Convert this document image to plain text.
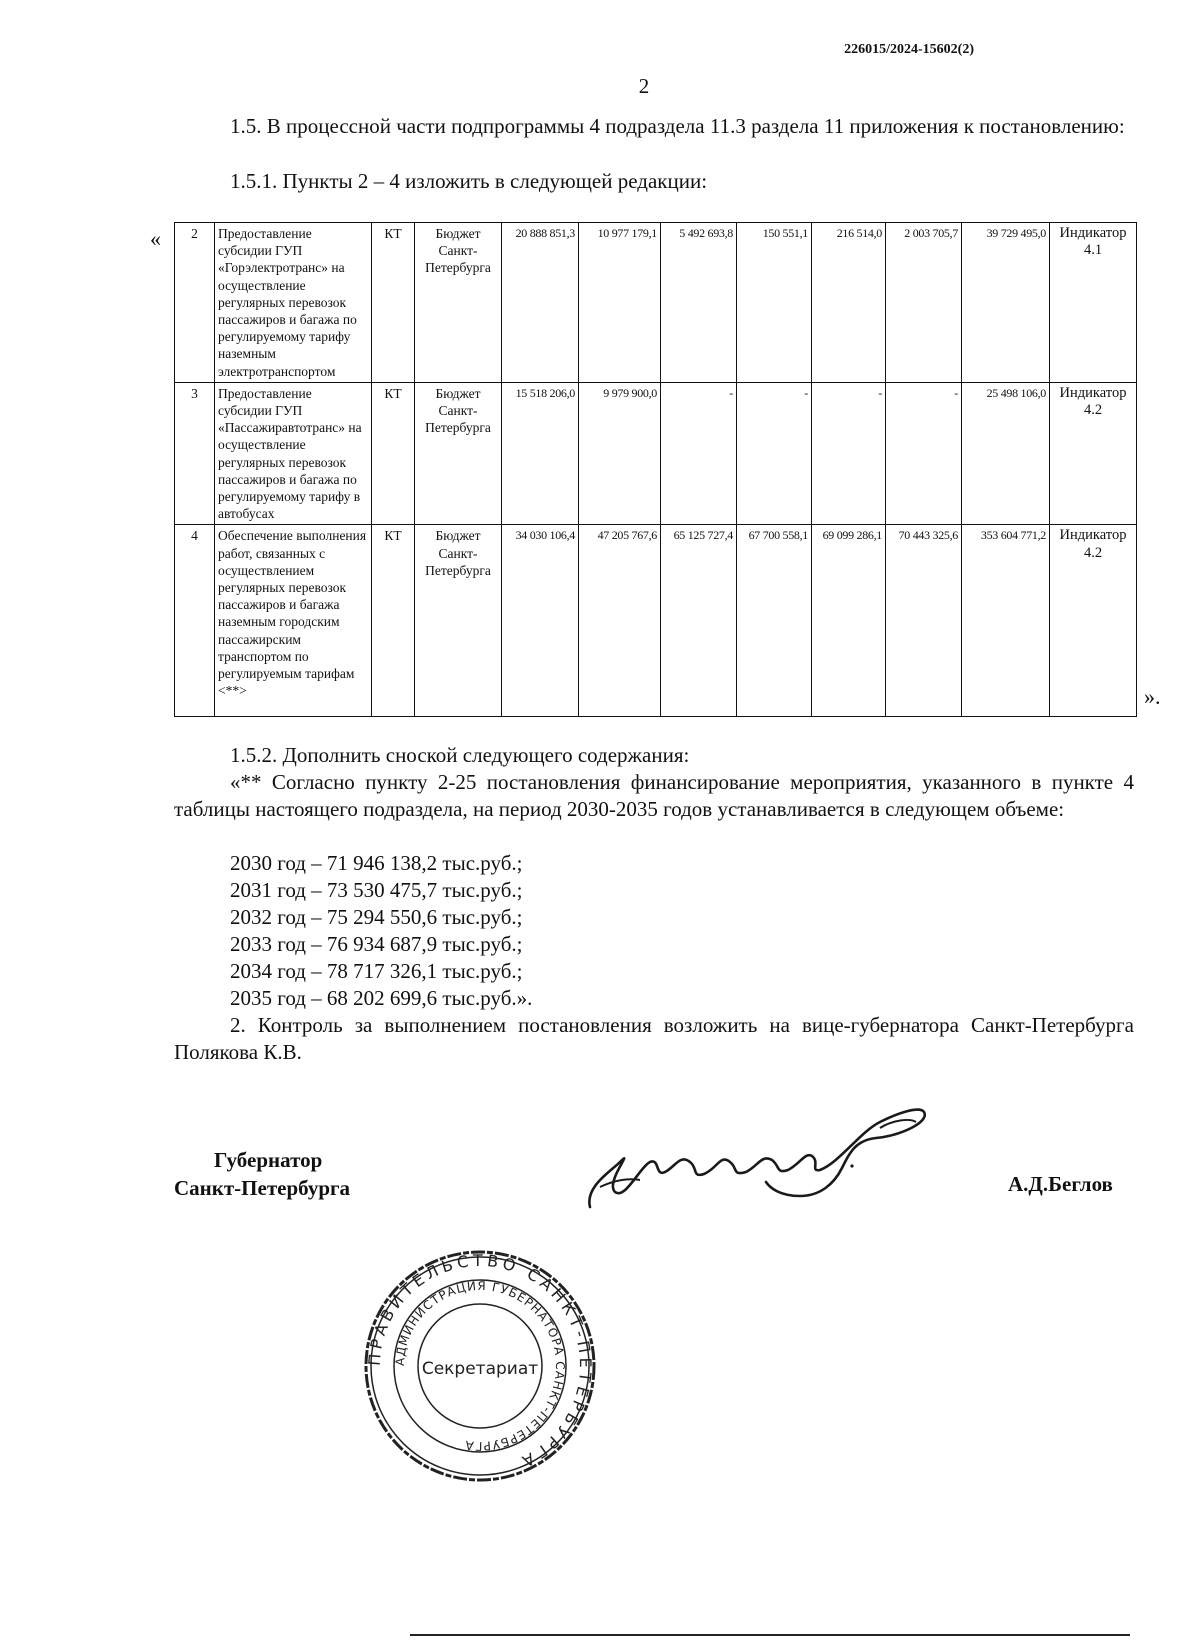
226015/2024-15602(2)
2
1.5. В процессной части подпрограммы 4 подраздела 11.3 раздела 11 приложения к постановлению:
1.5.1. Пункты 2 – 4 изложить в следующей редакции:
« 2	Предоставление субсидии ГУП «Горэлектротранс» на осуществление регулярных перевозок пассажиров и багажа по регулируемому тарифу наземным электротранспортом	КТ	Бюджет Санкт-Петербурга	20 888 851,3	10 977 179,1	5 492 693,8	150 551,1	216 514,0	2 003 705,7	39 729 495,0	Индикатор 4.1
3	Предоставление субсидии ГУП «Пассажиравтотранс» на осуществление регулярных перевозок пассажиров и багажа по регулируемому тарифу в автобусах	КТ	Бюджет Санкт-Петербурга	15 518 206,0	9 979 900,0	-	-	-	-	25 498 106,0	Индикатор 4.2
4	Обеспечение выполнения работ, связанных с осуществлением регулярных перевозок пассажиров и багажа наземным городским пассажирским транспортом по регулируемым тарифам <**>	КТ	Бюджет Санкт-Петербурга	34 030 106,4	47 205 767,6	65 125 727,4	67 700 558,1	69 099 286,1	70 443 325,6	353 604 771,2	Индикатор 4.2
».
1.5.2. Дополнить сноской следующего содержания:
«** Согласно пункту 2-25 постановления финансирование мероприятия, указанного в пункте 4 таблицы настоящего подраздела, на период 2030-2035 годов устанавливается в следующем объеме:
2030 год – 71 946 138,2 тыс.руб.;
2031 год – 73 530 475,7 тыс.руб.;
2032 год – 75 294 550,6 тыс.руб.;
2033 год – 76 934 687,9 тыс.руб.;
2034 год – 78 717 326,1 тыс.руб.;
2035 год – 68 202 699,6 тыс.руб.».
2. Контроль за выполнением постановления возложить на вице-губернатора Санкт-Петербурга Полякова К.В.
Губернатор
Санкт-Петербурга	А.Д.Беглов
ПРАВИТЕЛЬСТВО САНКТ-ПЕТЕРБУРГА
АДМИНИСТРАЦИЯ ГУБЕРНАТОРА САНКТ-ПЕТЕРБУРГА
Секретариат
